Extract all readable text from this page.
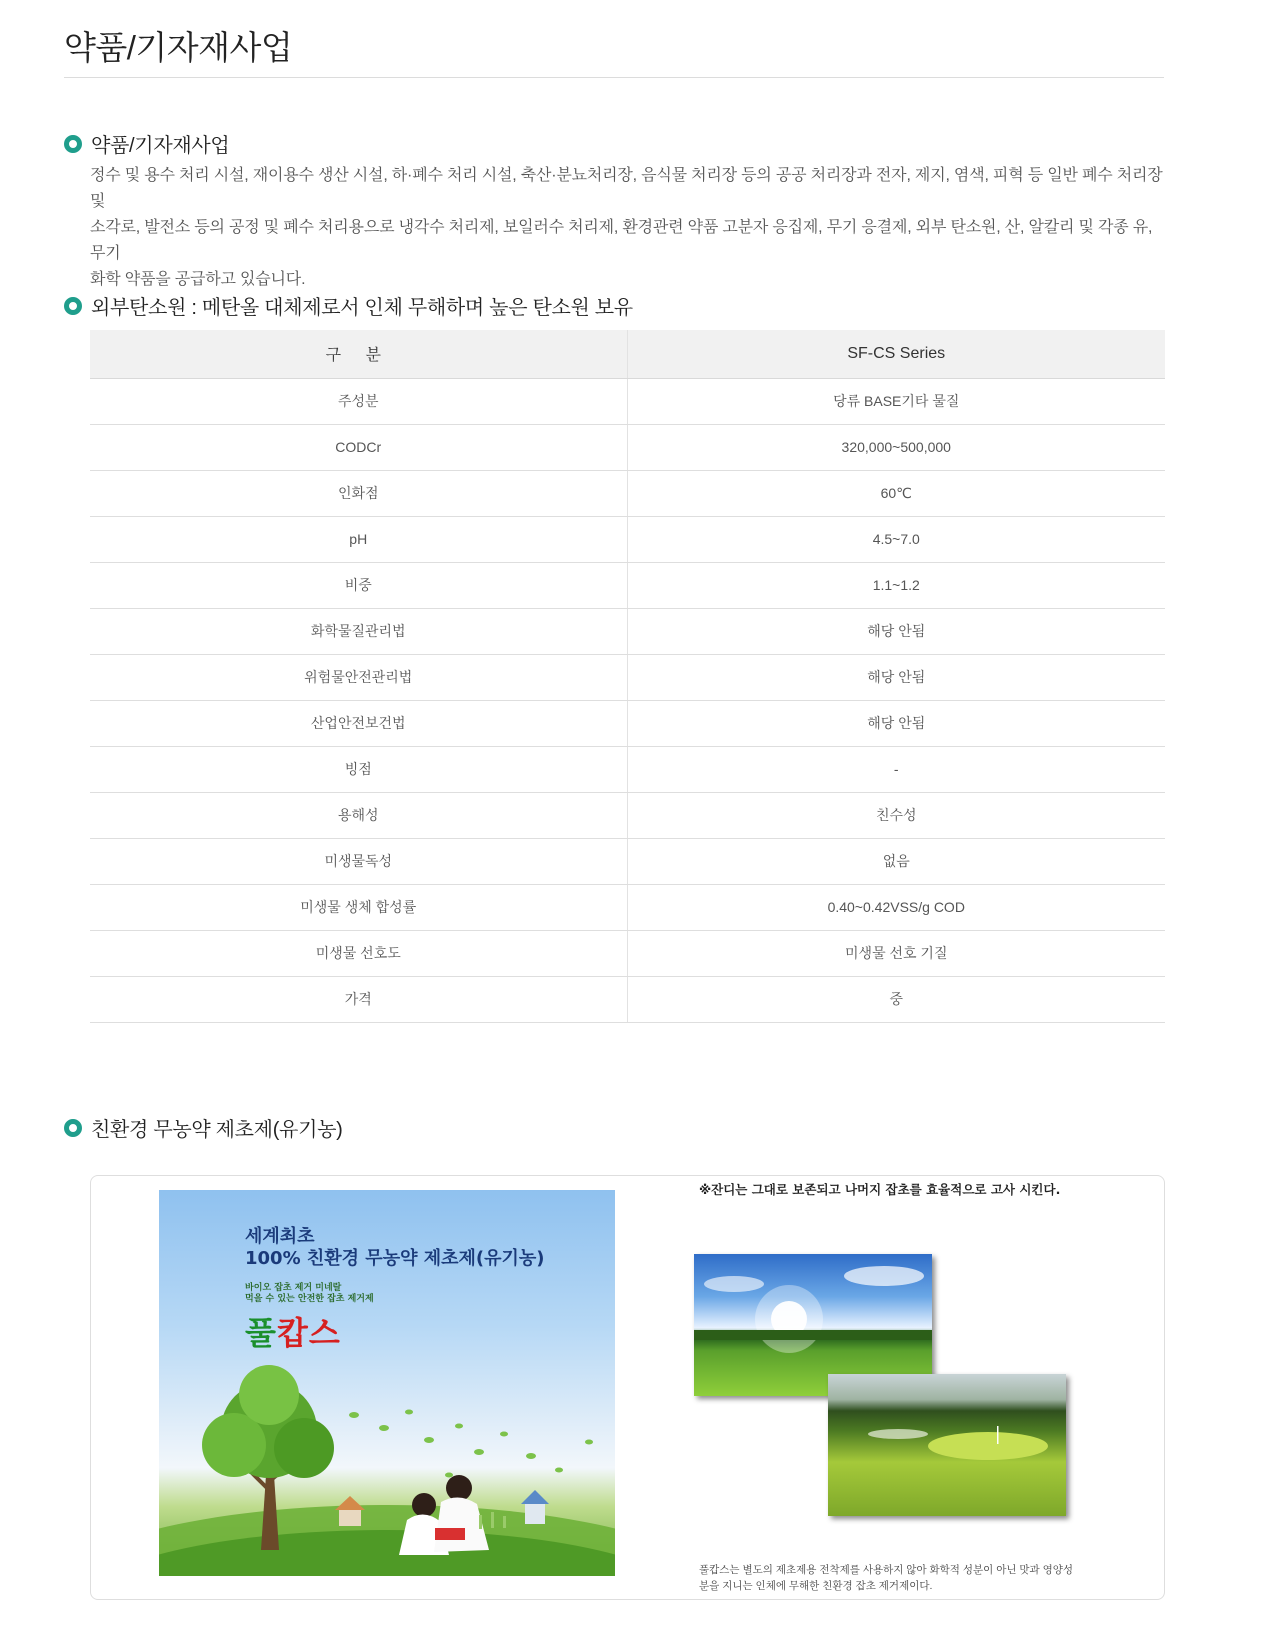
약품/기자재사업
약품/기자재사업
정수 및 용수 처리 시설, 재이용수 생산 시설, 하·폐수 처리 시설, 축산·분뇨처리장, 음식물 처리장 등의 공공 처리장과 전자, 제지, 염색, 피혁 등 일반 폐수 처리장 및
소각로, 발전소 등의 공정 및 폐수 처리용으로 냉각수 처리제, 보일러수 처리제, 환경관련 약품 고분자 응집제, 무기 응결제, 외부 탄소원, 산, 알칼리 및 각종 유,무기
화학 약품을 공급하고 있습니다.
외부탄소원 : 메탄올 대체제로서 인체 무해하며 높은 탄소원 보유
구 분	SF-CS Series
주성분	당류 BASE기타 물질
CODCr	320,000~500,000
인화점	60℃
pH	4.5~7.0
비중	1.1~1.2
화학물질관리법	해당 안됨
위험물안전관리법	해당 안됨
산업안전보건법	해당 안됨
빙점	-
용해성	친수성
미생물독성	없음
미생물 생체 합성률	0.40~0.42VSS/g COD
미생물 선호도	미생물 선호 기질
가격	중
친환경 무농약 제초제(유기농)
세계최초
100% 친환경 무농약 제초제(유기농)
바이오 잡초 제거 미네랄
먹을 수 있는 안전한 잡초 제거제
풀캅스
※잔디는 그대로 보존되고 나머지 잡초를 효율적으로 고사 시킨다.
풀캅스는 별도의 제초제용 전착제를 사용하지 않아 화학적 성분이 아닌 맛과 영양성
분을 지니는 인체에 무해한 친환경 잡초 제거제이다.
